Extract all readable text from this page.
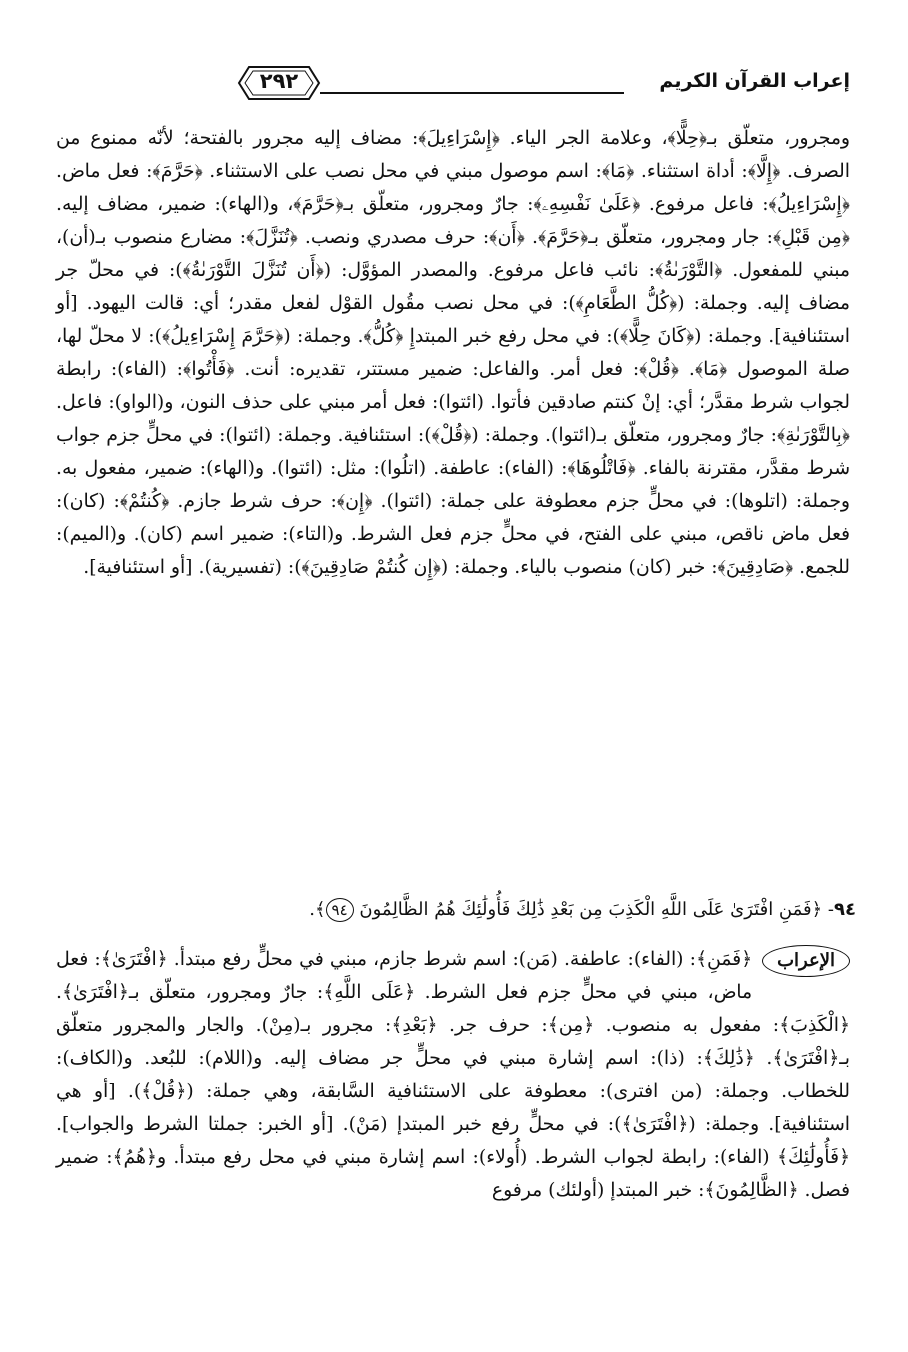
٢٩٢	إعراب القرآن الكريم

ومجرور، متعلّق بـ﴿حِلًّا﴾، وعلامة الجر الياء. ﴿إِسْرَاءِيلَ﴾: مضاف إليه مجرور بالفتحة؛ لأنّه ممنوع من الصرف. ﴿إِلَّا﴾: أداة استثناء. ﴿مَا﴾: اسم موصول مبني في محل نصب على الاستثناء. ﴿حَرَّمَ﴾: فعل ماض. ﴿إِسْرَاءِيلُ﴾: فاعل مرفوع. ﴿عَلَىٰ نَفْسِهِۦ﴾: جارٌ ومجرور، متعلّق بـ﴿حَرَّمَ﴾، و(الهاء): ضمير، مضاف إليه. ﴿مِن قَبْلِ﴾: جار ومجرور، متعلّق بـ﴿حَرَّمَ﴾. ﴿أَن﴾: حرف مصدري ونصب. ﴿تُنَزَّلَ﴾: مضارع منصوب بـ(أن)، مبني للمفعول. ﴿التَّوْرَىٰةُ﴾: نائب فاعل مرفوع. والمصدر المؤوَّل: (﴿أَن تُنَزَّلَ التَّوْرَىٰةُ﴾): في محلّ جر مضاف إليه. وجملة: (﴿كُلُّ الطَّعَامِ﴾): في محل نصب مقُول القوْل لفعل مقدر؛ أي: قالت اليهود. [أو استئنافية]. وجملة: (﴿كَانَ حِلًّا﴾): في محل رفع خبر المبتدإِ ﴿كُلُّ﴾. وجملة: (﴿حَرَّمَ إِسْرَاءِيلُ﴾): لا محلّ لها، صلة الموصول ﴿مَا﴾. ﴿قُلْ﴾: فعل أمر. والفاعل: ضمير مستتر، تقديره: أنت. ﴿فَأْتُوا﴾: (الفاء): رابطة لجواب شرط مقدَّر؛ أي: إنْ كنتم صادقين فأتوا. (ائتوا): فعل أمر مبني على حذف النون، و(الواو): فاعل. ﴿بِالتَّوْرَىٰةِ﴾: جارٌ ومجرور، متعلّق بـ(ائتوا). وجملة: (﴿قُلْ﴾): استئنافية. وجملة: (ائتوا): في محلٍّ جزم جواب شرط مقدَّر، مقترنة بالفاء. ﴿فَاتْلُوهَا﴾: (الفاء): عاطفة. (اتلُوا): مثل: (ائتوا). و(الهاء): ضمير، مفعول به. وجملة: (اتلوها): في محلٍّ جزم معطوفة على جملة: (ائتوا). ﴿إِن﴾: حرف شرط جازم. ﴿كُنتُمْ﴾: (كان): فعل ماض ناقص، مبني على الفتح، في محلٍّ جزم فعل الشرط. و(التاء): ضمير اسم (كان). و(الميم): للجمع. ﴿صَادِقِينَ﴾: خبر (كان) منصوب بالياء. وجملة: (﴿إِن كُنتُمْ صَادِقِينَ﴾): (تفسيرية). [أو استئنافية].

٩٤- ﴿فَمَنِ افْتَرَىٰ عَلَى اللَّهِ الْكَذِبَ مِن بَعْدِ ذَٰلِكَ فَأُولَٰئِكَ هُمُ الظَّالِمُونَ ٩٤﴾.
الإعراب

﴿فَمَنِ﴾: (الفاء): عاطفة. (مَن): اسم شرط جازم، مبني في محلٍّ رفع مبتدأ. ﴿افْتَرَىٰ﴾: فعل ماض، مبني في محلٍّ جزم فعل الشرط. ﴿عَلَى اللَّهِ﴾: جارٌ ومجرور، متعلّق بـ﴿افْتَرَىٰ﴾. ﴿الْكَذِبَ﴾: مفعول به منصوب. ﴿مِن﴾: حرف جر. ﴿بَعْدِ﴾: مجرور بـ(مِنْ). والجار والمجرور متعلّق بـ﴿افْتَرَىٰ﴾. ﴿ذَٰلِكَ﴾: (ذا): اسم إشارة مبني في محلٍّ جر مضاف إليه. و(اللام): للبُعد. و(الكاف): للخطاب. وجملة: (من افترى): معطوفة على الاستئنافية السَّابقة، وهي جملة: (﴿قُلْ﴾). [أو هي استئنافية]. وجملة: (﴿افْتَرَىٰ﴾): في محلٍّ رفع خبر المبتدإ (مَنْ). [أو الخبر: جملتا الشرط والجواب]. ﴿فَأُولَٰئِكَ﴾ (الفاء): رابطة لجواب الشرط. (أُولاء): اسم إشارة مبني في محل رفع مبتدأ. و﴿هُمُ﴾: ضمير فصل. ﴿الظَّالِمُونَ﴾: خبر المبتدإ (أولئك) مرفوع
